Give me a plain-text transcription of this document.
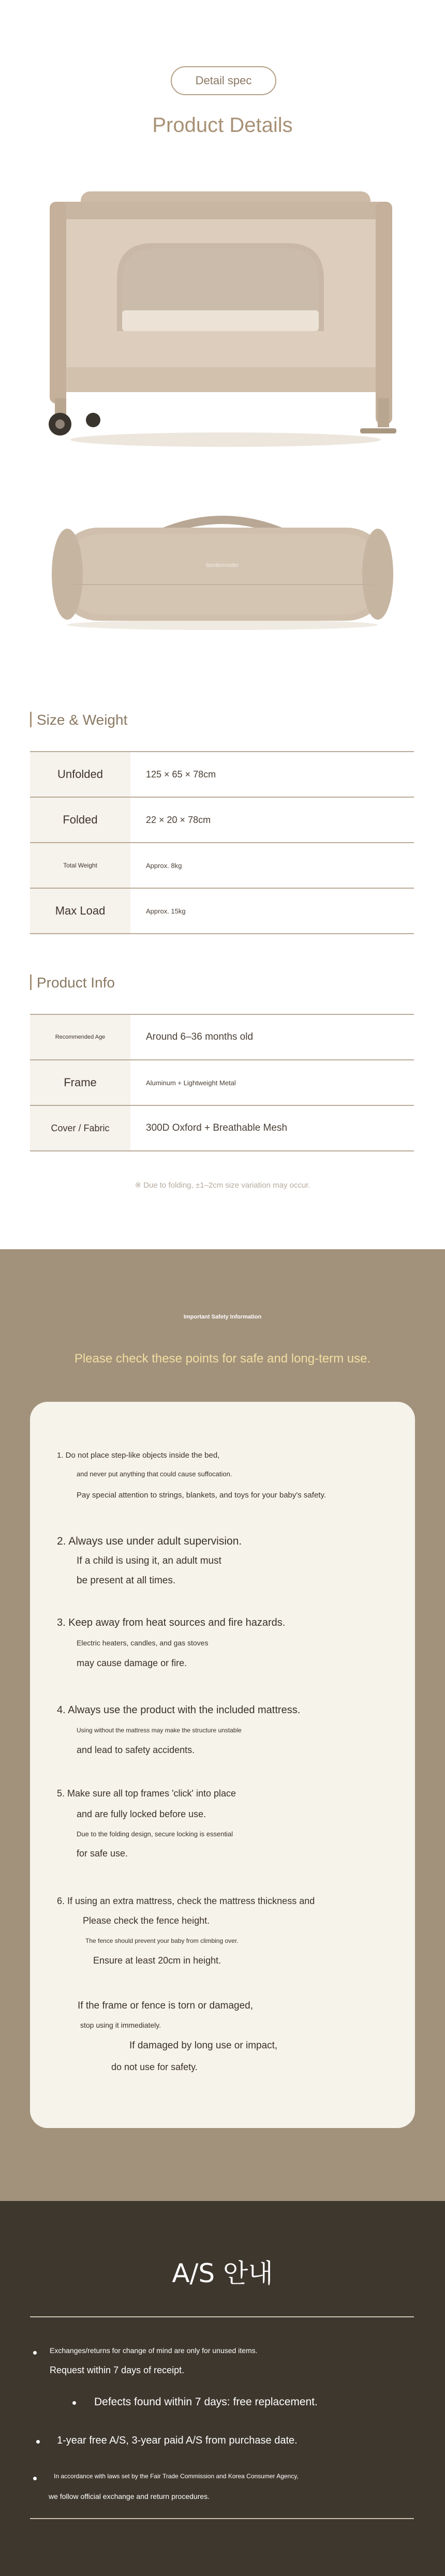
Detail spec
Product Details
bordermoder
Size & Weight
Unfolded	125 × 65 × 78cm
Folded	22 × 20 × 78cm
Total Weight	Approx. 8kg
Max Load	Approx. 15kg
Product Info
Recommended Age	Around 6–36 months old
Frame	Aluminum + Lightweight Metal
Cover / Fabric	300D Oxford + Breathable Mesh
※ Due to folding, ±1–2cm size variation may occur.
Important Safety Information
Please check these points for safe and long-term use.
1. Do not place step-like objects inside the bed,
and never put anything that could cause suffocation.
Pay special attention to strings, blankets, and toys for your baby's safety.
2. Always use under adult supervision.
If a child is using it, an adult must
be present at all times.
3. Keep away from heat sources and fire hazards.
Electric heaters, candles, and gas stoves
may cause damage or fire.
4. Always use the product with the included mattress.
Using without the mattress may make the structure unstable
and lead to safety accidents.
5. Make sure all top frames 'click' into place
and are fully locked before use.
Due to the folding design, secure locking is essential
for safe use.
6. If using an extra mattress, check the mattress thickness and
Please check the fence height.
The fence should prevent your baby from climbing over.
Ensure at least 20cm in height.
If the frame or fence is torn or damaged,
stop using it immediately.
If damaged by long use or impact,
do not use for safety.
A/S 안내
Exchanges/returns for change of mind are only for unused items.
Request within 7 days of receipt.
Defects found within 7 days: free replacement.
1-year free A/S, 3-year paid A/S from purchase date.
In accordance with laws set by the Fair Trade Commission and Korea Consumer Agency,
we follow official exchange and return procedures.
